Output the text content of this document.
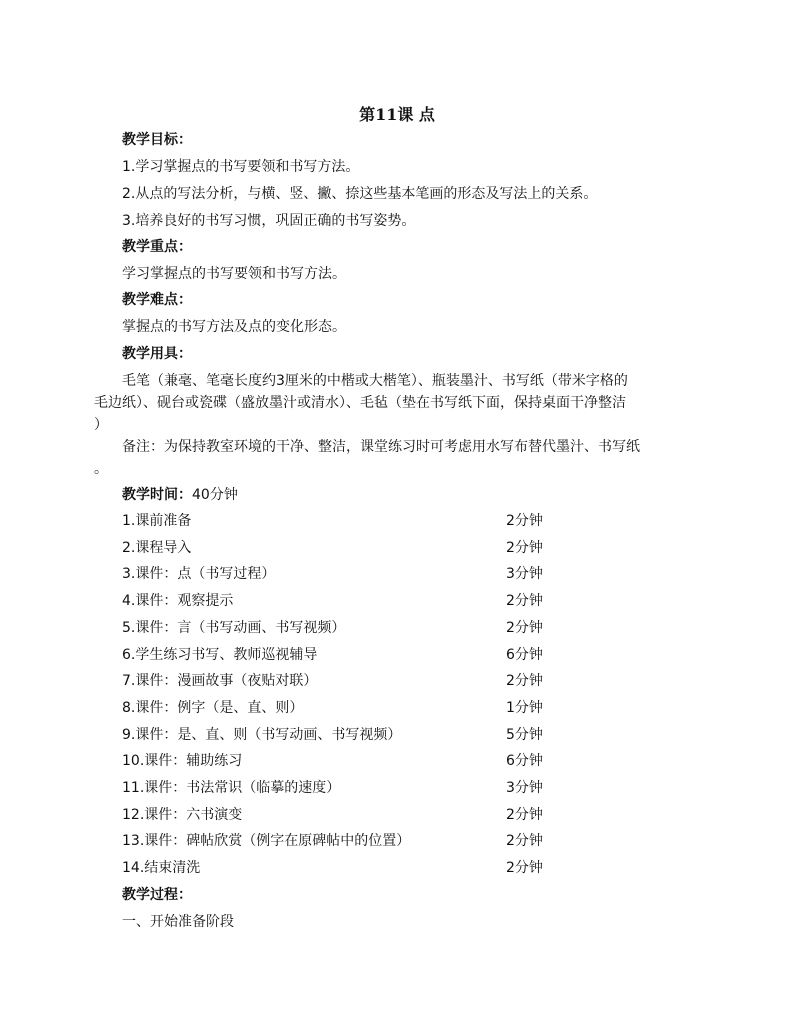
第11课 点
教学目标：
1.学习掌握点的书写要领和书写方法。
2.从点的写法分析，与横、竖、撇、捺这些基本笔画的形态及写法上的关系。
3.培养良好的书写习惯，巩固正确的书写姿势。
教学重点：
学习掌握点的书写要领和书写方法。
教学难点：
掌握点的书写方法及点的变化形态。
教学用具：

毛笔（兼毫、笔毫长度约3厘米的中楷或大楷笔）、瓶装墨汁、书写纸（带米字格的

毛边纸）、砚台或瓷碟（盛放墨汁或清水）、毛毡（垫在书写纸下面，保持桌面干净整洁

）

备注：为保持教室环境的干净、整洁，课堂练习时可考虑用水写布替代墨汁、书写纸

。

教学时间：40分钟
1.课前准备	2分钟
2.课程导入	2分钟
3.课件：点（书写过程）	3分钟
4.课件：观察提示	2分钟
5.课件：言（书写动画、书写视频）	2分钟
6.学生练习书写、教师巡视辅导	6分钟
7.课件：漫画故事（夜贴对联）	2分钟
8.课件：例字（是、直、则）	1分钟
9.课件：是、直、则（书写动画、书写视频）	5分钟
10.课件：辅助练习	6分钟
11.课件：书法常识（临摹的速度）	3分钟
12.课件：六书演变	2分钟
13.课件：碑帖欣赏（例字在原碑帖中的位置）	2分钟
14.结束清洗	2分钟
教学过程：
一、开始准备阶段
